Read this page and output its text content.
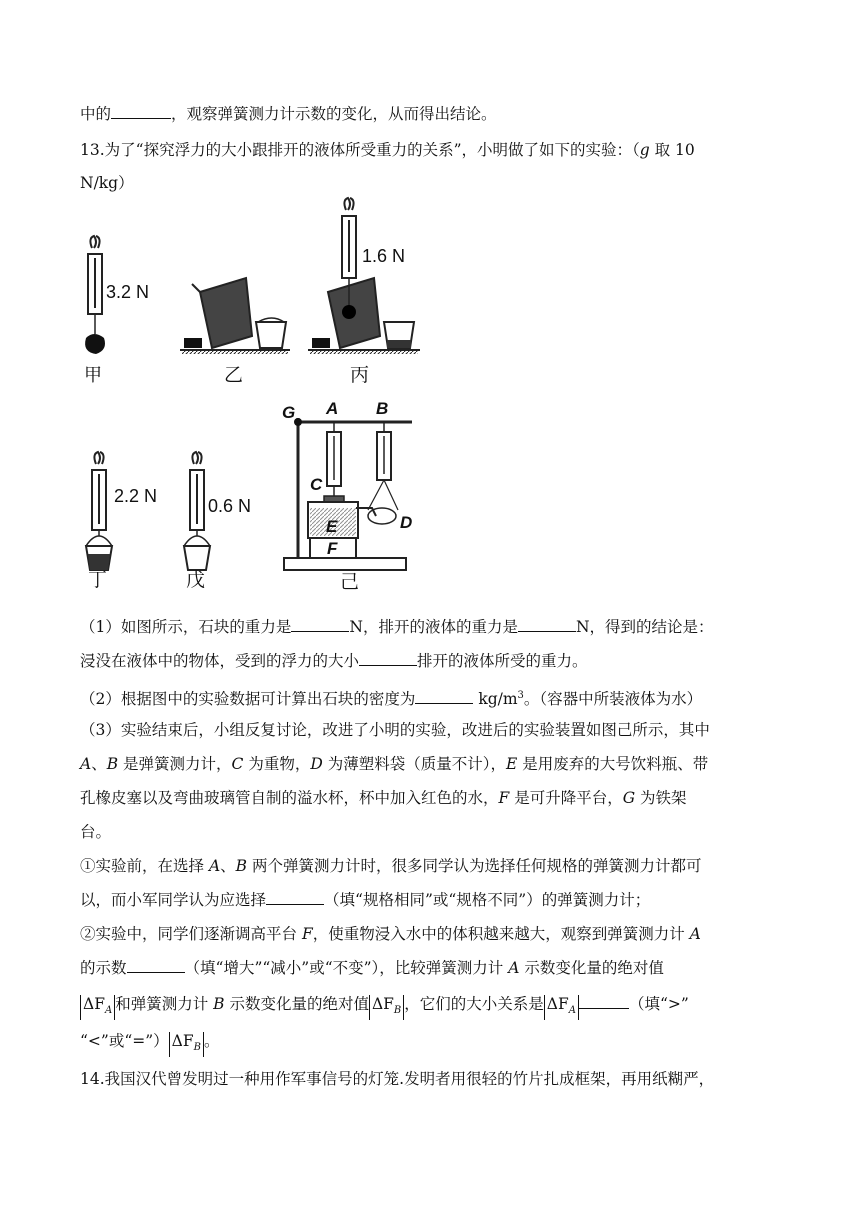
中的	，观察弹簧测力计示数的变化，从而得出结论。
13.为了“探究浮力的大小跟排开的液体所受重力的关系”，小明做了如下的实验：（g 取 10
N/kg）
3.2 N
甲	乙
1.6 N
丙
2.2 N
丁
0.6 N
戊
G A B
C
D
E
F
己
（1）如图所示，石块的重力是	N，排开的液体的重力是	N，得到的结论是：
浸没在液体中的物体，受到的浮力的大小	排开的液体所受的重力。
（2）根据图中的实验数据可计算出石块的密度为	$kg/m^3$。（容器中所装液体为水）
（3）实验结束后，小组反复讨论，改进了小明的实验，改进后的实验装置如图己所示，其中
A、B 是弹簧测力计，C 为重物，D 为薄塑料袋（质量不计），E 是用废弃的大号饮料瓶、带
孔橡皮塞以及弯曲玻璃管自制的溢水杯，杯中加入红色的水，F 是可升降平台，G 为铁架
台。
①实验前，在选择 A、B 两个弹簧测力计时，很多同学认为选择任何规格的弹簧测力计都可
以，而小军同学认为应选择	（填“规格相同”或“规格不同”）的弹簧测力计；
②实验中，同学们逐渐调高平台 F，使重物浸入水中的体积越来越大，观察到弹簧测力计 A
的示数	（填“增大”“减小”或“不变”），比较弹簧测力计 A 示数变化量的绝对值
$\Delta F_A$ 和弹簧测力计 B 示数变化量的绝对值 $\Delta F_B$ ，它们的大小关系是 $\Delta F_A$	（填“>”
“<”或“=”） $\Delta F_B$ 。
14.我国汉代曾发明过一种用作军事信号的灯笼.发明者用很轻的竹片扎成框架，再用纸糊严，
